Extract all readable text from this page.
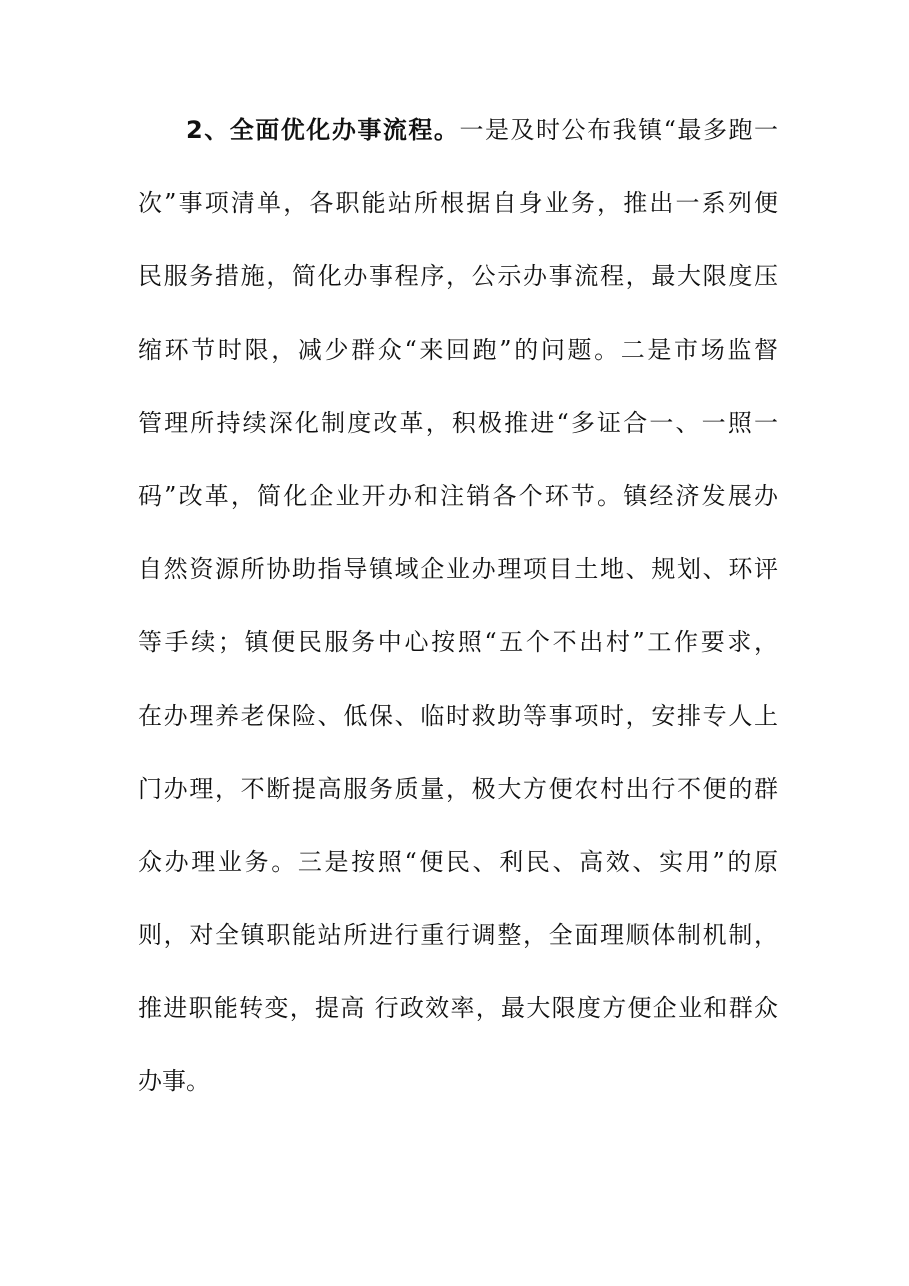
2、全面优化办事流程。一是及时公布我镇“最多跑一
次”事项清单，各职能站所根据自身业务，推出一系列便
民服务措施，简化办事程序，公示办事流程，最大限度压
缩环节时限，减少群众“来回跑”的问题。二是市场监督
管理所持续深化制度改革，积极推进“多证合一、一照一
码”改革，简化企业开办和注销各个环节。镇经济发展办
自然资源所协助指导镇域企业办理项目土地、规划、环评
等手续；镇便民服务中心按照“五个不出村”工作要求，
在办理养老保险、低保、临时救助等事项时，安排专人上
门办理，不断提高服务质量，极大方便农村出行不便的群
众办理业务。三是按照“便民、利民、高效、实用”的原
则，对全镇职能站所进行重行调整，全面理顺体制机制，
推进职能转变，提高 行政效率，最大限度方便企业和群众
办事。
